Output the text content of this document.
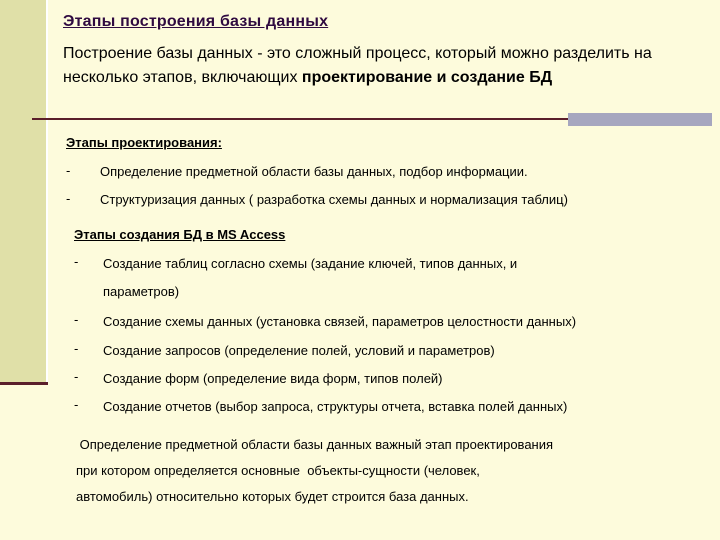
Этапы построения базы данных
Построение базы данных - это сложный процесс, который можно разделить на несколько этапов, включающих проектирование и создание БД
Этапы проектирования:
- Определение предметной области базы данных, подбор информации.
- Структуризация данных ( разработка схемы данных и нормализация таблиц)
Этапы создания БД в MS Access
- Создание таблиц согласно схемы (задание ключей, типов данных, и
параметров)
- Создание схемы данных (установка связей, параметров целостности данных)
- Создание запросов (определение полей, условий и параметров)
- Создание форм (определение вида форм, типов полей)
- Создание отчетов (выбор запроса, структуры отчета, вставка полей данных)
Определение предметной области базы данных важный этап проектирования
при котором определяется основные  объекты-сущности (человек,
автомобиль) относительно которых будет строится база данных.
